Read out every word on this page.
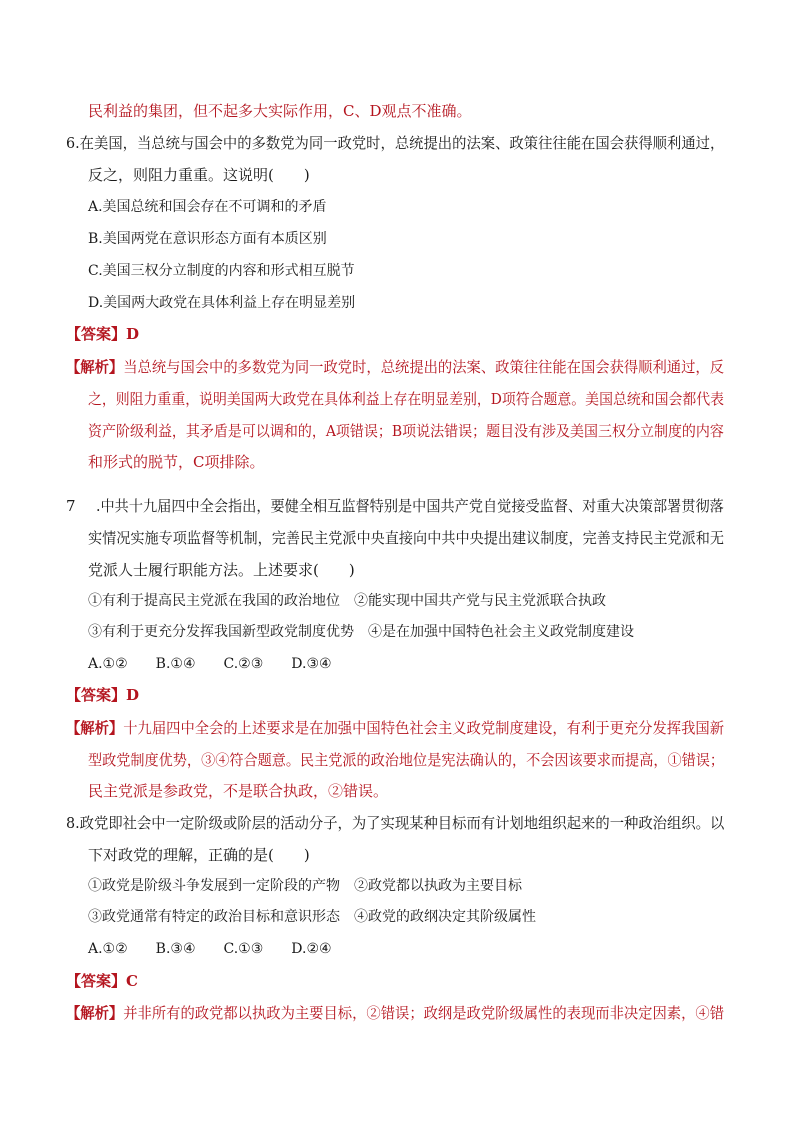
民利益的集团，但不起多大实际作用，C、D观点不准确。
6.在美国，当总统与国会中的多数党为同一政党时，总统提出的法案、政策往往能在国会获得顺利通过，
反之，则阻力重重。这说明(　　)
A.美国总统和国会存在不可调和的矛盾
B.美国两党在意识形态方面有本质区别
C.美国三权分立制度的内容和形式相互脱节
D.美国两大政党在具体利益上存在明显差别
【答案】D
【解析】当总统与国会中的多数党为同一政党时，总统提出的法案、政策往往能在国会获得顺利通过，反
之，则阻力重重，说明美国两大政党在具体利益上存在明显差别，D项符合题意。美国总统和国会都代表
资产阶级利益，其矛盾是可以调和的，A项错误；B项说法错误；题目没有涉及美国三权分立制度的内容
和形式的脱节，C项排除。
7 .中共十九届四中全会指出，要健全相互监督特别是中国共产党自觉接受监督、对重大决策部署贯彻落
实情况实施专项监督等机制，完善民主党派中央直接向中共中央提出建议制度，完善支持民主党派和无
党派人士履行职能方法。上述要求(　　)
①有利于提高民主党派在我国的政治地位　②能实现中国共产党与民主党派联合执政
③有利于更充分发挥我国新型政党制度优势　④是在加强中国特色社会主义政党制度建设
A.①②　　B.①④　　C.②③　　D.③④
【答案】D
【解析】十九届四中全会的上述要求是在加强中国特色社会主义政党制度建设，有利于更充分发挥我国新
型政党制度优势，③④符合题意。民主党派的政治地位是宪法确认的，不会因该要求而提高，①错误；
民主党派是参政党，不是联合执政，②错误。
8.政党即社会中一定阶级或阶层的活动分子，为了实现某种目标而有计划地组织起来的一种政治组织。以
下对政党的理解，正确的是(　　)
①政党是阶级斗争发展到一定阶段的产物　②政党都以执政为主要目标
③政党通常有特定的政治目标和意识形态　④政党的政纲决定其阶级属性
A.①②　　B.③④　　C.①③　　D.②④
【答案】C
【解析】并非所有的政党都以执政为主要目标，②错误；政纲是政党阶级属性的表现而非决定因素，④错
